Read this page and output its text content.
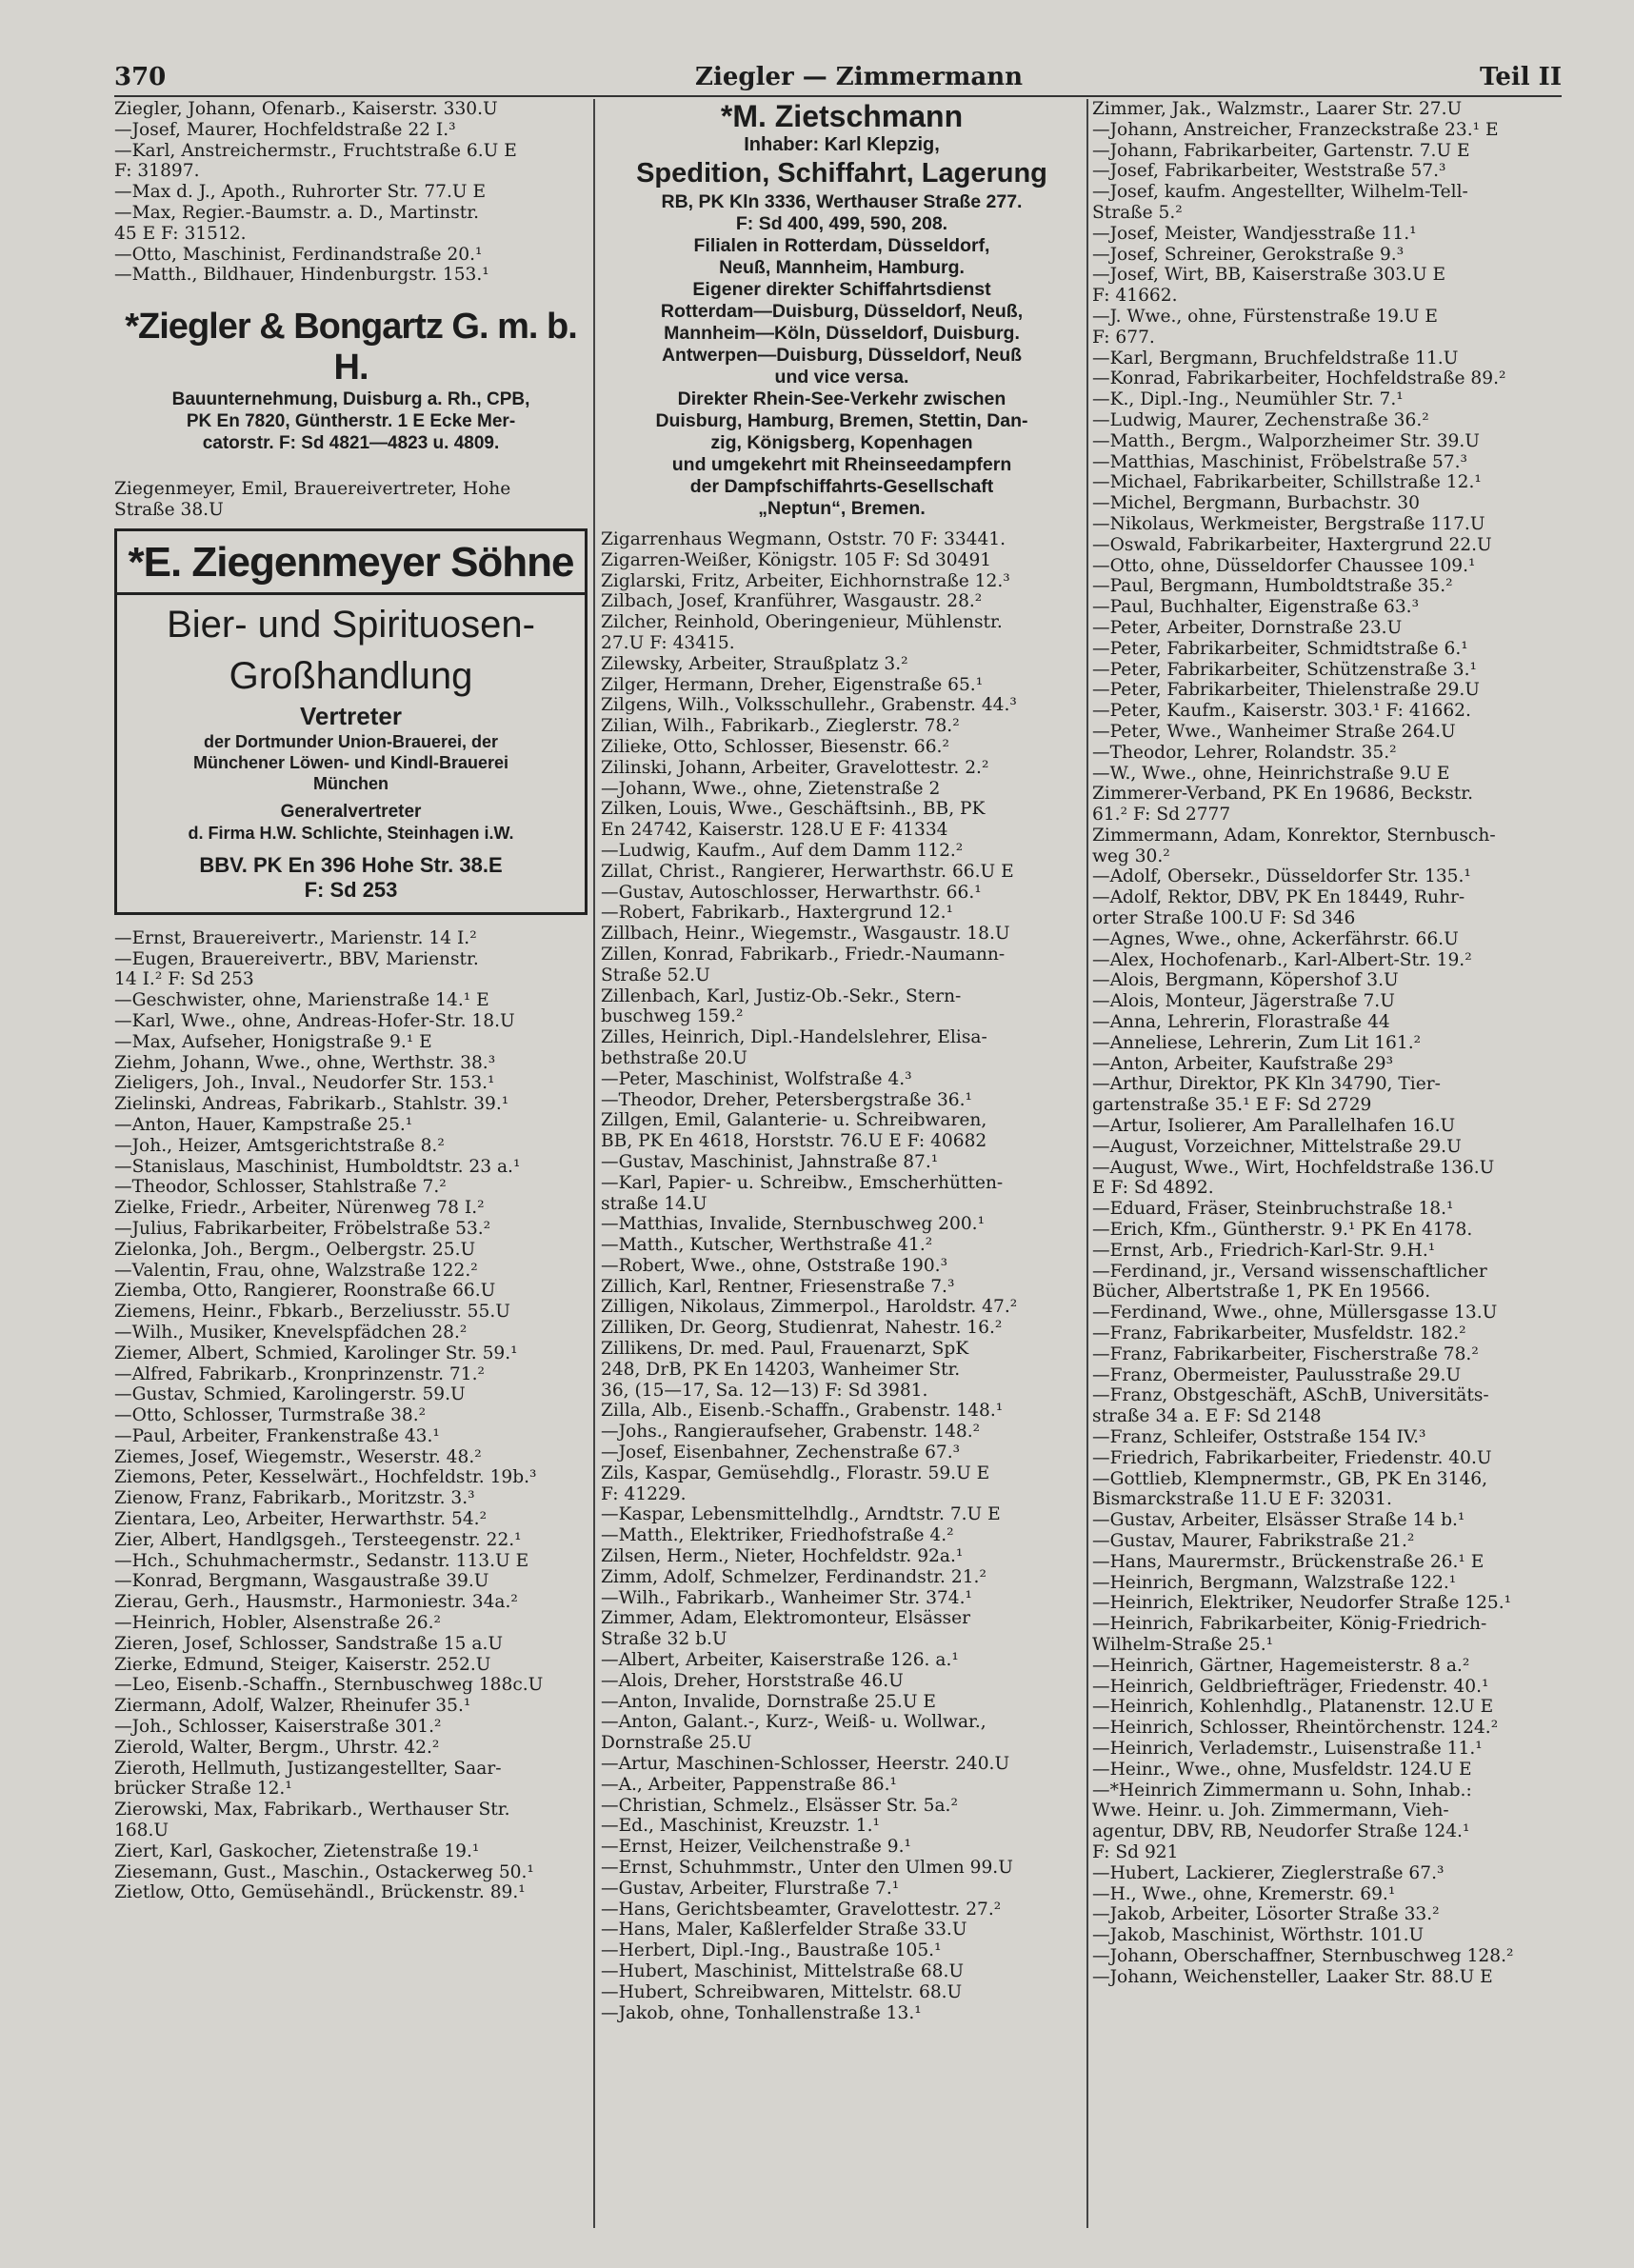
370	Ziegler — Zimmermann	Teil II
Ziegler, Johann, Ofenarb., Kaiserstr. 330.U
—Josef, Maurer, Hochfeldstraße 22 I.³
—Karl, Anstreichermstr., Fruchtstraße 6.U E
F: 31897.
—Max d. J., Apoth., Ruhrorter Str. 77.U E
—Max, Regier.-Baumstr. a. D., Martinstr.
45 E F: 31512.
—Otto, Maschinist, Ferdinandstraße 20.¹
—Matth., Bildhauer, Hindenburgstr. 153.¹
*Ziegler & Bongartz G. m. b. H.
Bauunternehmung, Duisburg a. Rh., CPB,
PK En 7820, Güntherstr. 1 E Ecke Mer-
catorstr. F: Sd 4821—4823 u. 4809.
Ziegenmeyer, Emil, Brauereivertreter, Hohe
Straße 38.U
*E. Ziegenmeyer Söhne
Bier- und Spirituosen-
Großhandlung
Vertreter
der Dortmunder Union-Brauerei, der
Münchener Löwen- und Kindl-Brauerei
München
Generalvertreter
d. Firma H.W. Schlichte, Steinhagen i.W.
BBV. PK En 396 Hohe Str. 38.E
F: Sd 253
—Ernst, Brauereivertr., Marienstr. 14 I.²
—Eugen, Brauereivertr., BBV, Marienstr.
14 I.² F: Sd 253
—Geschwister, ohne, Marienstraße 14.¹ E
—Karl, Wwe., ohne, Andreas-Hofer-Str. 18.U
—Max, Aufseher, Honigstraße 9.¹ E
Ziehm, Johann, Wwe., ohne, Werthstr. 38.³
Zieligers, Joh., Inval., Neudorfer Str. 153.¹
Zielinski, Andreas, Fabrikarb., Stahlstr. 39.¹
—Anton, Hauer, Kampstraße 25.¹
—Joh., Heizer, Amtsgerichtstraße 8.²
—Stanislaus, Maschinist, Humboldtstr. 23 a.¹
—Theodor, Schlosser, Stahlstraße 7.²
Zielke, Friedr., Arbeiter, Nürenweg 78 I.²
—Julius, Fabrikarbeiter, Fröbelstraße 53.²
Zielonka, Joh., Bergm., Oelbergstr. 25.U
—Valentin, Frau, ohne, Walzstraße 122.²
Ziemba, Otto, Rangierer, Roonstraße 66.U
Ziemens, Heinr., Fbkarb., Berzeliusstr. 55.U
—Wilh., Musiker, Knevelspfädchen 28.²
Ziemer, Albert, Schmied, Karolinger Str. 59.¹
—Alfred, Fabrikarb., Kronprinzenstr. 71.²
—Gustav, Schmied, Karolingerstr. 59.U
—Otto, Schlosser, Turmstraße 38.²
—Paul, Arbeiter, Frankenstraße 43.¹
Ziemes, Josef, Wiegemstr., Weserstr. 48.²
Ziemons, Peter, Kesselwärt., Hochfeldstr. 19b.³
Zienow, Franz, Fabrikarb., Moritzstr. 3.³
Zientara, Leo, Arbeiter, Herwarthstr. 54.²
Zier, Albert, Handlgsgeh., Tersteegenstr. 22.¹
—Hch., Schuhmachermstr., Sedanstr. 113.U E
—Konrad, Bergmann, Wasgaustraße 39.U
Zierau, Gerh., Hausmstr., Harmoniestr. 34a.²
—Heinrich, Hobler, Alsenstraße 26.²
Zieren, Josef, Schlosser, Sandstraße 15 a.U
Zierke, Edmund, Steiger, Kaiserstr. 252.U
—Leo, Eisenb.-Schaffn., Sternbuschweg 188c.U
Ziermann, Adolf, Walzer, Rheinufer 35.¹
—Joh., Schlosser, Kaiserstraße 301.²
Zierold, Walter, Bergm., Uhrstr. 42.²
Zieroth, Hellmuth, Justizangestellter, Saar-
brücker Straße 12.¹
Zierowski, Max, Fabrikarb., Werthauser Str.
168.U
Ziert, Karl, Gaskocher, Zietenstraße 19.¹
Ziesemann, Gust., Maschin., Ostackerweg 50.¹
Zietlow, Otto, Gemüsehändl., Brückenstr. 89.¹
*M. Zietschmann
Inhaber: Karl Klepzig,
Spedition, Schiffahrt, Lagerung
RB, PK Kln 3336, Werthauser Straße 277.
F: Sd 400, 499, 590, 208.
Filialen in Rotterdam, Düsseldorf,
Neuß, Mannheim, Hamburg.
Eigener direkter Schiffahrtsdienst
Rotterdam—Duisburg, Düsseldorf, Neuß,
Mannheim—Köln, Düsseldorf, Duisburg.
Antwerpen—Duisburg, Düsseldorf, Neuß
und vice versa.
Direkter Rhein-See-Verkehr zwischen
Duisburg, Hamburg, Bremen, Stettin, Dan-
zig, Königsberg, Kopenhagen
und umgekehrt mit Rheinseedampfern
der Dampfschiffahrts-Gesellschaft
„Neptun“, Bremen.
Zigarrenhaus Wegmann, Oststr. 70 F: 33441.
Zigarren-Weißer, Königstr. 105 F: Sd 30491
Ziglarski, Fritz, Arbeiter, Eichhornstraße 12.³
Zilbach, Josef, Kranführer, Wasgaustr. 28.²
Zilcher, Reinhold, Oberingenieur, Mühlenstr.
27.U F: 43415.
Zilewsky, Arbeiter, Straußplatz 3.²
Zilger, Hermann, Dreher, Eigenstraße 65.¹
Zilgens, Wilh., Volksschullehr., Grabenstr. 44.³
Zilian, Wilh., Fabrikarb., Zieglerstr. 78.²
Zilieke, Otto, Schlosser, Biesenstr. 66.²
Zilinski, Johann, Arbeiter, Gravelottestr. 2.²
—Johann, Wwe., ohne, Zietenstraße 2
Zilken, Louis, Wwe., Geschäftsinh., BB, PK
En 24742, Kaiserstr. 128.U E F: 41334
—Ludwig, Kaufm., Auf dem Damm 112.²
Zillat, Christ., Rangierer, Herwarthstr. 66.U E
—Gustav, Autoschlosser, Herwarthstr. 66.¹
—Robert, Fabrikarb., Haxtergrund 12.¹
Zillbach, Heinr., Wiegemstr., Wasgaustr. 18.U
Zillen, Konrad, Fabrikarb., Friedr.-Naumann-
Straße 52.U
Zillenbach, Karl, Justiz-Ob.-Sekr., Stern-
buschweg 159.²
Zilles, Heinrich, Dipl.-Handelslehrer, Elisa-
bethstraße 20.U
—Peter, Maschinist, Wolfstraße 4.³
—Theodor, Dreher, Petersbergstraße 36.¹
Zillgen, Emil, Galanterie- u. Schreibwaren,
BB, PK En 4618, Horststr. 76.U E F: 40682
—Gustav, Maschinist, Jahnstraße 87.¹
—Karl, Papier- u. Schreibw., Emscherhütten-
straße 14.U
—Matthias, Invalide, Sternbuschweg 200.¹
—Matth., Kutscher, Werthstraße 41.²
—Robert, Wwe., ohne, Oststraße 190.³
Zillich, Karl, Rentner, Friesenstraße 7.³
Zilligen, Nikolaus, Zimmerpol., Haroldstr. 47.²
Zilliken, Dr. Georg, Studienrat, Nahestr. 16.²
Zillikens, Dr. med. Paul, Frauenarzt, SpK
248, DrB, PK En 14203, Wanheimer Str.
36, (15—17, Sa. 12—13) F: Sd 3981.
Zilla, Alb., Eisenb.-Schaffn., Grabenstr. 148.¹
—Johs., Rangieraufseher, Grabenstr. 148.²
—Josef, Eisenbahner, Zechenstraße 67.³
Zils, Kaspar, Gemüsehdlg., Florastr. 59.U E
F: 41229.
—Kaspar, Lebensmittelhdlg., Arndtstr. 7.U E
—Matth., Elektriker, Friedhofstraße 4.²
Zilsen, Herm., Nieter, Hochfeldstr. 92a.¹
Zimm, Adolf, Schmelzer, Ferdinandstr. 21.²
—Wilh., Fabrikarb., Wanheimer Str. 374.¹
Zimmer, Adam, Elektromonteur, Elsässer
Straße 32 b.U
—Albert, Arbeiter, Kaiserstraße 126. a.¹
—Alois, Dreher, Horststraße 46.U
—Anton, Invalide, Dornstraße 25.U E
—Anton, Galant.-, Kurz-, Weiß- u. Wollwar.,
Dornstraße 25.U
—Artur, Maschinen-Schlosser, Heerstr. 240.U
—A., Arbeiter, Pappenstraße 86.¹
—Christian, Schmelz., Elsässer Str. 5a.²
—Ed., Maschinist, Kreuzstr. 1.¹
—Ernst, Heizer, Veilchenstraße 9.¹
—Ernst, Schuhmmstr., Unter den Ulmen 99.U
—Gustav, Arbeiter, Flurstraße 7.¹
—Hans, Gerichtsbeamter, Gravelottestr. 27.²
—Hans, Maler, Kaßlerfelder Straße 33.U
—Herbert, Dipl.-Ing., Baustraße 105.¹
—Hubert, Maschinist, Mittelstraße 68.U
—Hubert, Schreibwaren, Mittelstr. 68.U
—Jakob, ohne, Tonhallenstraße 13.¹
Zimmer, Jak., Walzmstr., Laarer Str. 27.U
—Johann, Anstreicher, Franzeckstraße 23.¹ E
—Johann, Fabrikarbeiter, Gartenstr. 7.U E
—Josef, Fabrikarbeiter, Weststraße 57.³
—Josef, kaufm. Angestellter, Wilhelm-Tell-
Straße 5.²
—Josef, Meister, Wandjesstraße 11.¹
—Josef, Schreiner, Gerokstraße 9.³
—Josef, Wirt, BB, Kaiserstraße 303.U E
F: 41662.
—J. Wwe., ohne, Fürstenstraße 19.U E
F: 677.
—Karl, Bergmann, Bruchfeldstraße 11.U
—Konrad, Fabrikarbeiter, Hochfeldstraße 89.²
—K., Dipl.-Ing., Neumühler Str. 7.¹
—Ludwig, Maurer, Zechenstraße 36.²
—Matth., Bergm., Walporzheimer Str. 39.U
—Matthias, Maschinist, Fröbelstraße 57.³
—Michael, Fabrikarbeiter, Schillstraße 12.¹
—Michel, Bergmann, Burbachstr. 30
—Nikolaus, Werkmeister, Bergstraße 117.U
—Oswald, Fabrikarbeiter, Haxtergrund 22.U
—Otto, ohne, Düsseldorfer Chaussee 109.¹
—Paul, Bergmann, Humboldtstraße 35.²
—Paul, Buchhalter, Eigenstraße 63.³
—Peter, Arbeiter, Dornstraße 23.U
—Peter, Fabrikarbeiter, Schmidtstraße 6.¹
—Peter, Fabrikarbeiter, Schützenstraße 3.¹
—Peter, Fabrikarbeiter, Thielenstraße 29.U
—Peter, Kaufm., Kaiserstr. 303.¹ F: 41662.
—Peter, Wwe., Wanheimer Straße 264.U
—Theodor, Lehrer, Rolandstr. 35.²
—W., Wwe., ohne, Heinrichstraße 9.U E
Zimmerer-Verband, PK En 19686, Beckstr.
61.² F: Sd 2777
Zimmermann, Adam, Konrektor, Sternbusch-
weg 30.²
—Adolf, Obersekr., Düsseldorfer Str. 135.¹
—Adolf, Rektor, DBV, PK En 18449, Ruhr-
orter Straße 100.U F: Sd 346
—Agnes, Wwe., ohne, Ackerfährstr. 66.U
—Alex, Hochofenarb., Karl-Albert-Str. 19.²
—Alois, Bergmann, Köpershof 3.U
—Alois, Monteur, Jägerstraße 7.U
—Anna, Lehrerin, Florastraße 44
—Anneliese, Lehrerin, Zum Lit 161.²
—Anton, Arbeiter, Kaufstraße 29³
—Arthur, Direktor, PK Kln 34790, Tier-
gartenstraße 35.¹ E F: Sd 2729
—Artur, Isolierer, Am Parallelhafen 16.U
—August, Vorzeichner, Mittelstraße 29.U
—August, Wwe., Wirt, Hochfeldstraße 136.U
E F: Sd 4892.
—Eduard, Fräser, Steinbruchstraße 18.¹
—Erich, Kfm., Güntherstr. 9.¹ PK En 4178.
—Ernst, Arb., Friedrich-Karl-Str. 9.H.¹
—Ferdinand, jr., Versand wissenschaftlicher
Bücher, Albertstraße 1, PK En 19566.
—Ferdinand, Wwe., ohne, Müllersgasse 13.U
—Franz, Fabrikarbeiter, Musfeldstr. 182.²
—Franz, Fabrikarbeiter, Fischerstraße 78.²
—Franz, Obermeister, Paulusstraße 29.U
—Franz, Obstgeschäft, ASchB, Universitäts-
straße 34 a. E F: Sd 2148
—Franz, Schleifer, Oststraße 154 IV.³
—Friedrich, Fabrikarbeiter, Friedenstr. 40.U
—Gottlieb, Klempnermstr., GB, PK En 3146,
Bismarckstraße 11.U E F: 32031.
—Gustav, Arbeiter, Elsässer Straße 14 b.¹
—Gustav, Maurer, Fabrikstraße 21.²
—Hans, Maurermstr., Brückenstraße 26.¹ E
—Heinrich, Bergmann, Walzstraße 122.¹
—Heinrich, Elektriker, Neudorfer Straße 125.¹
—Heinrich, Fabrikarbeiter, König-Friedrich-
Wilhelm-Straße 25.¹
—Heinrich, Gärtner, Hagemeisterstr. 8 a.²
—Heinrich, Geldbriefträger, Friedenstr. 40.¹
—Heinrich, Kohlenhdlg., Platanenstr. 12.U E
—Heinrich, Schlosser, Rheintörchenstr. 124.²
—Heinrich, Verlademstr., Luisenstraße 11.¹
—Heinr., Wwe., ohne, Musfeldstr. 124.U E
—*Heinrich Zimmermann u. Sohn, Inhab.:
Wwe. Heinr. u. Joh. Zimmermann, Vieh-
agentur, DBV, RB, Neudorfer Straße 124.¹
F: Sd 921
—Hubert, Lackierer, Zieglerstraße 67.³
—H., Wwe., ohne, Kremerstr. 69.¹
—Jakob, Arbeiter, Lösorter Straße 33.²
—Jakob, Maschinist, Wörthstr. 101.U
—Johann, Oberschaffner, Sternbuschweg 128.²
—Johann, Weichensteller, Laaker Str. 88.U E
